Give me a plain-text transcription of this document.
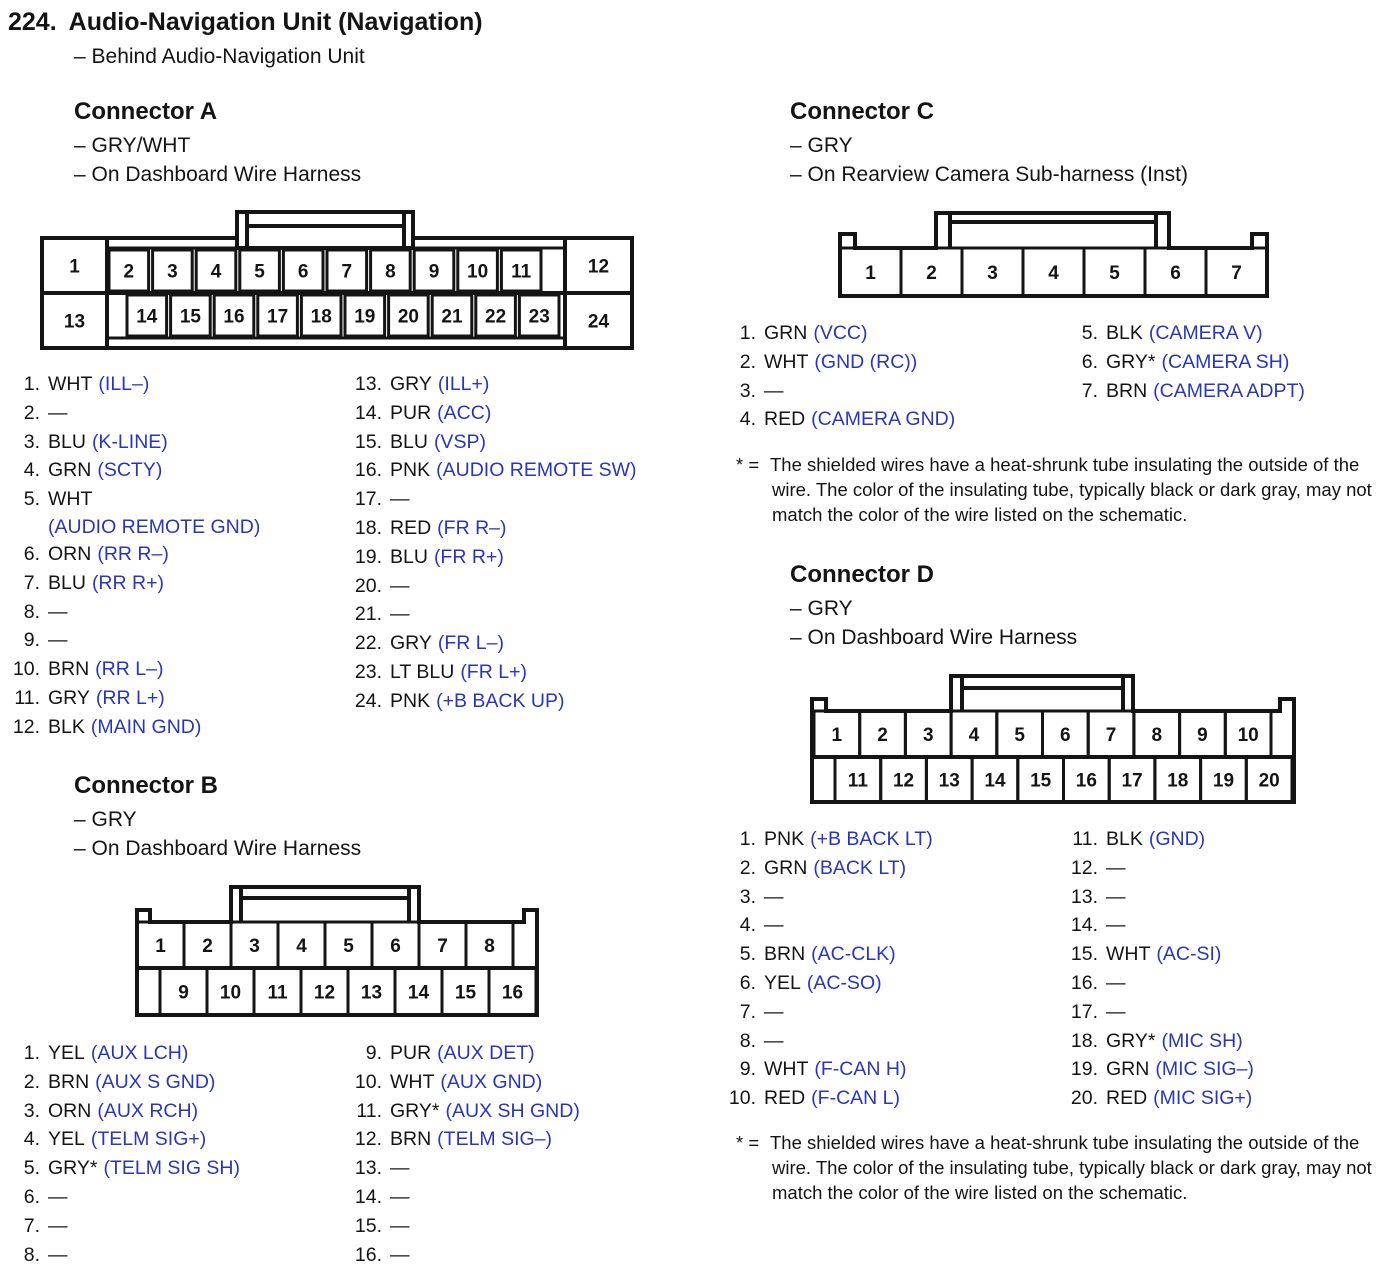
224. Audio-Navigation Unit (Navigation)
– Behind Audio-Navigation Unit
Connector A
– GRY/WHT
– On Dashboard Wire Harness
1	12
13	24
2
14
3
15
4
16
5
17
6
18
7
19
8
20
9
21
10
22
11
23
1
9
2
10
3
11
4
12
5
13
6
14
7
15
8
16
1	2	3	4	5	6	7
1
11
2
12
3
13
4
14
5
15
6
16
7
17
8
18
9
19
10
20
1. WHT (ILL–)
2. —
3. BLU (K-LINE)
4. GRN (SCTY)
5. WHT
(AUDIO REMOTE GND)
6. ORN (RR R–)
7. BLU (RR R+)
8. —
9. —
10. BRN (RR L–)
11. GRY (RR L+)
12. BLK (MAIN GND)
13. GRY (ILL+)
14. PUR (ACC)
15. BLU (VSP)
16. PNK (AUDIO REMOTE SW)
17. —
18. RED (FR R–)
19. BLU (FR R+)
20. —
21. —
22. GRY (FR L–)
23. LT BLU (FR L+)
24. PNK (+B BACK UP)
Connector B
– GRY
– On Dashboard Wire Harness
1. YEL (AUX LCH)
2. BRN (AUX S GND)
3. ORN (AUX RCH)
4. YEL (TELM SIG+)
5. GRY* (TELM SIG SH)
6. —
7. —
8. —
9. PUR (AUX DET)
10. WHT (AUX GND)
11. GRY* (AUX SH GND)
12. BRN (TELM SIG–)
13. —
14. —
15. —
16. —
Connector C
– GRY
– On Rearview Camera Sub-harness (Inst)
1. GRN (VCC)
2. WHT (GND (RC))
3. —
4. RED (CAMERA GND)
5. BLK (CAMERA V)
6. GRY* (CAMERA SH)
7. BRN (CAMERA ADPT)
* = The shielded wires have a heat-shrunk tube insulating the outside of the wire. The color of the insulating tube, typically black or dark gray, may not match the color of the wire listed on the schematic.
Connector D
– GRY
– On Dashboard Wire Harness
1. PNK (+B BACK LT)
2. GRN (BACK LT)
3. —
4. —
5. BRN (AC-CLK)
6. YEL (AC-SO)
7. —
8. —
9. WHT (F-CAN H)
10. RED (F-CAN L)
11. BLK (GND)
12. —
13. —
14. —
15. WHT (AC-SI)
16. —
17. —
18. GRY* (MIC SH)
19. GRN (MIC SIG–)
20. RED (MIC SIG+)
* = The shielded wires have a heat-shrunk tube insulating the outside of the wire. The color of the insulating tube, typically black or dark gray, may not match the color of the wire listed on the schematic.
